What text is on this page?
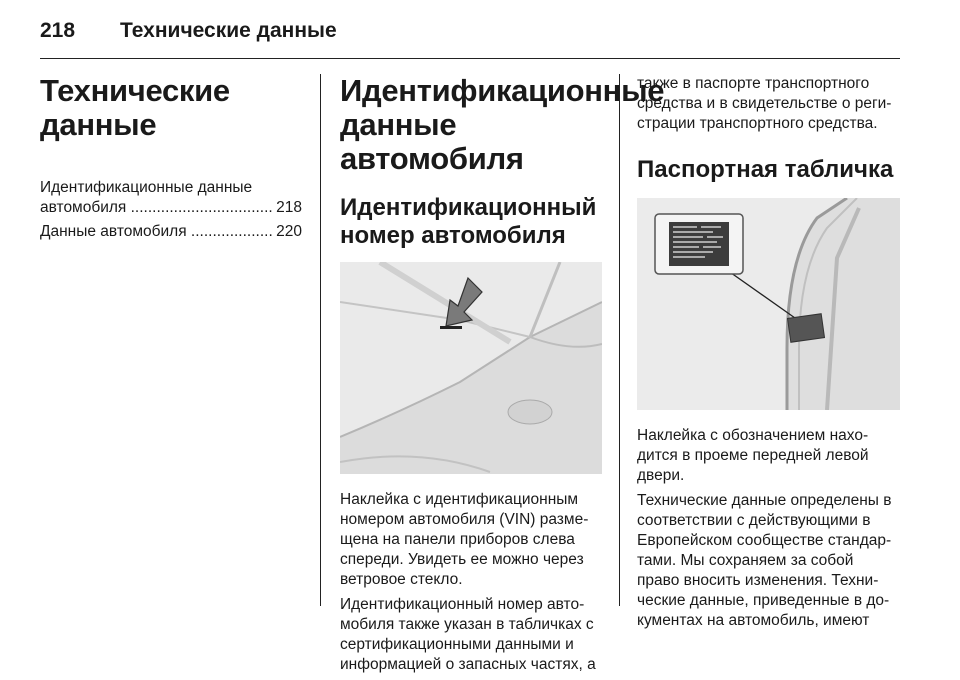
218	Технические данные
Технические данные
Идентификационные данные
автомобиля .....	218
Данные автомобиля .....	220
Идентификационные
данные автомобиля
Идентификационный
номер автомобиля

Наклейка с идентификационным
номером автомобиля (VIN) разме-
щена на панели приборов слева
спереди. Увидеть ее можно через
ветровое стекло.

Идентификационный номер авто-
мобиля также указан в табличках с
сертификационными данными и
информацией о запасных частях, а

также в паспорте транспортного
средства и в свидетельстве о реги-
страции транспортного средства.

Паспортная табличка

Наклейка с обозначением нахо-
дится в проеме передней левой
двери.

Технические данные определены в
соответствии с действующими в
Европейском сообществе стандар-
тами. Мы сохраняем за собой
право вносить изменения. Техни-
ческие данные, приведенные в до-
кументах на автомобиль, имеют
